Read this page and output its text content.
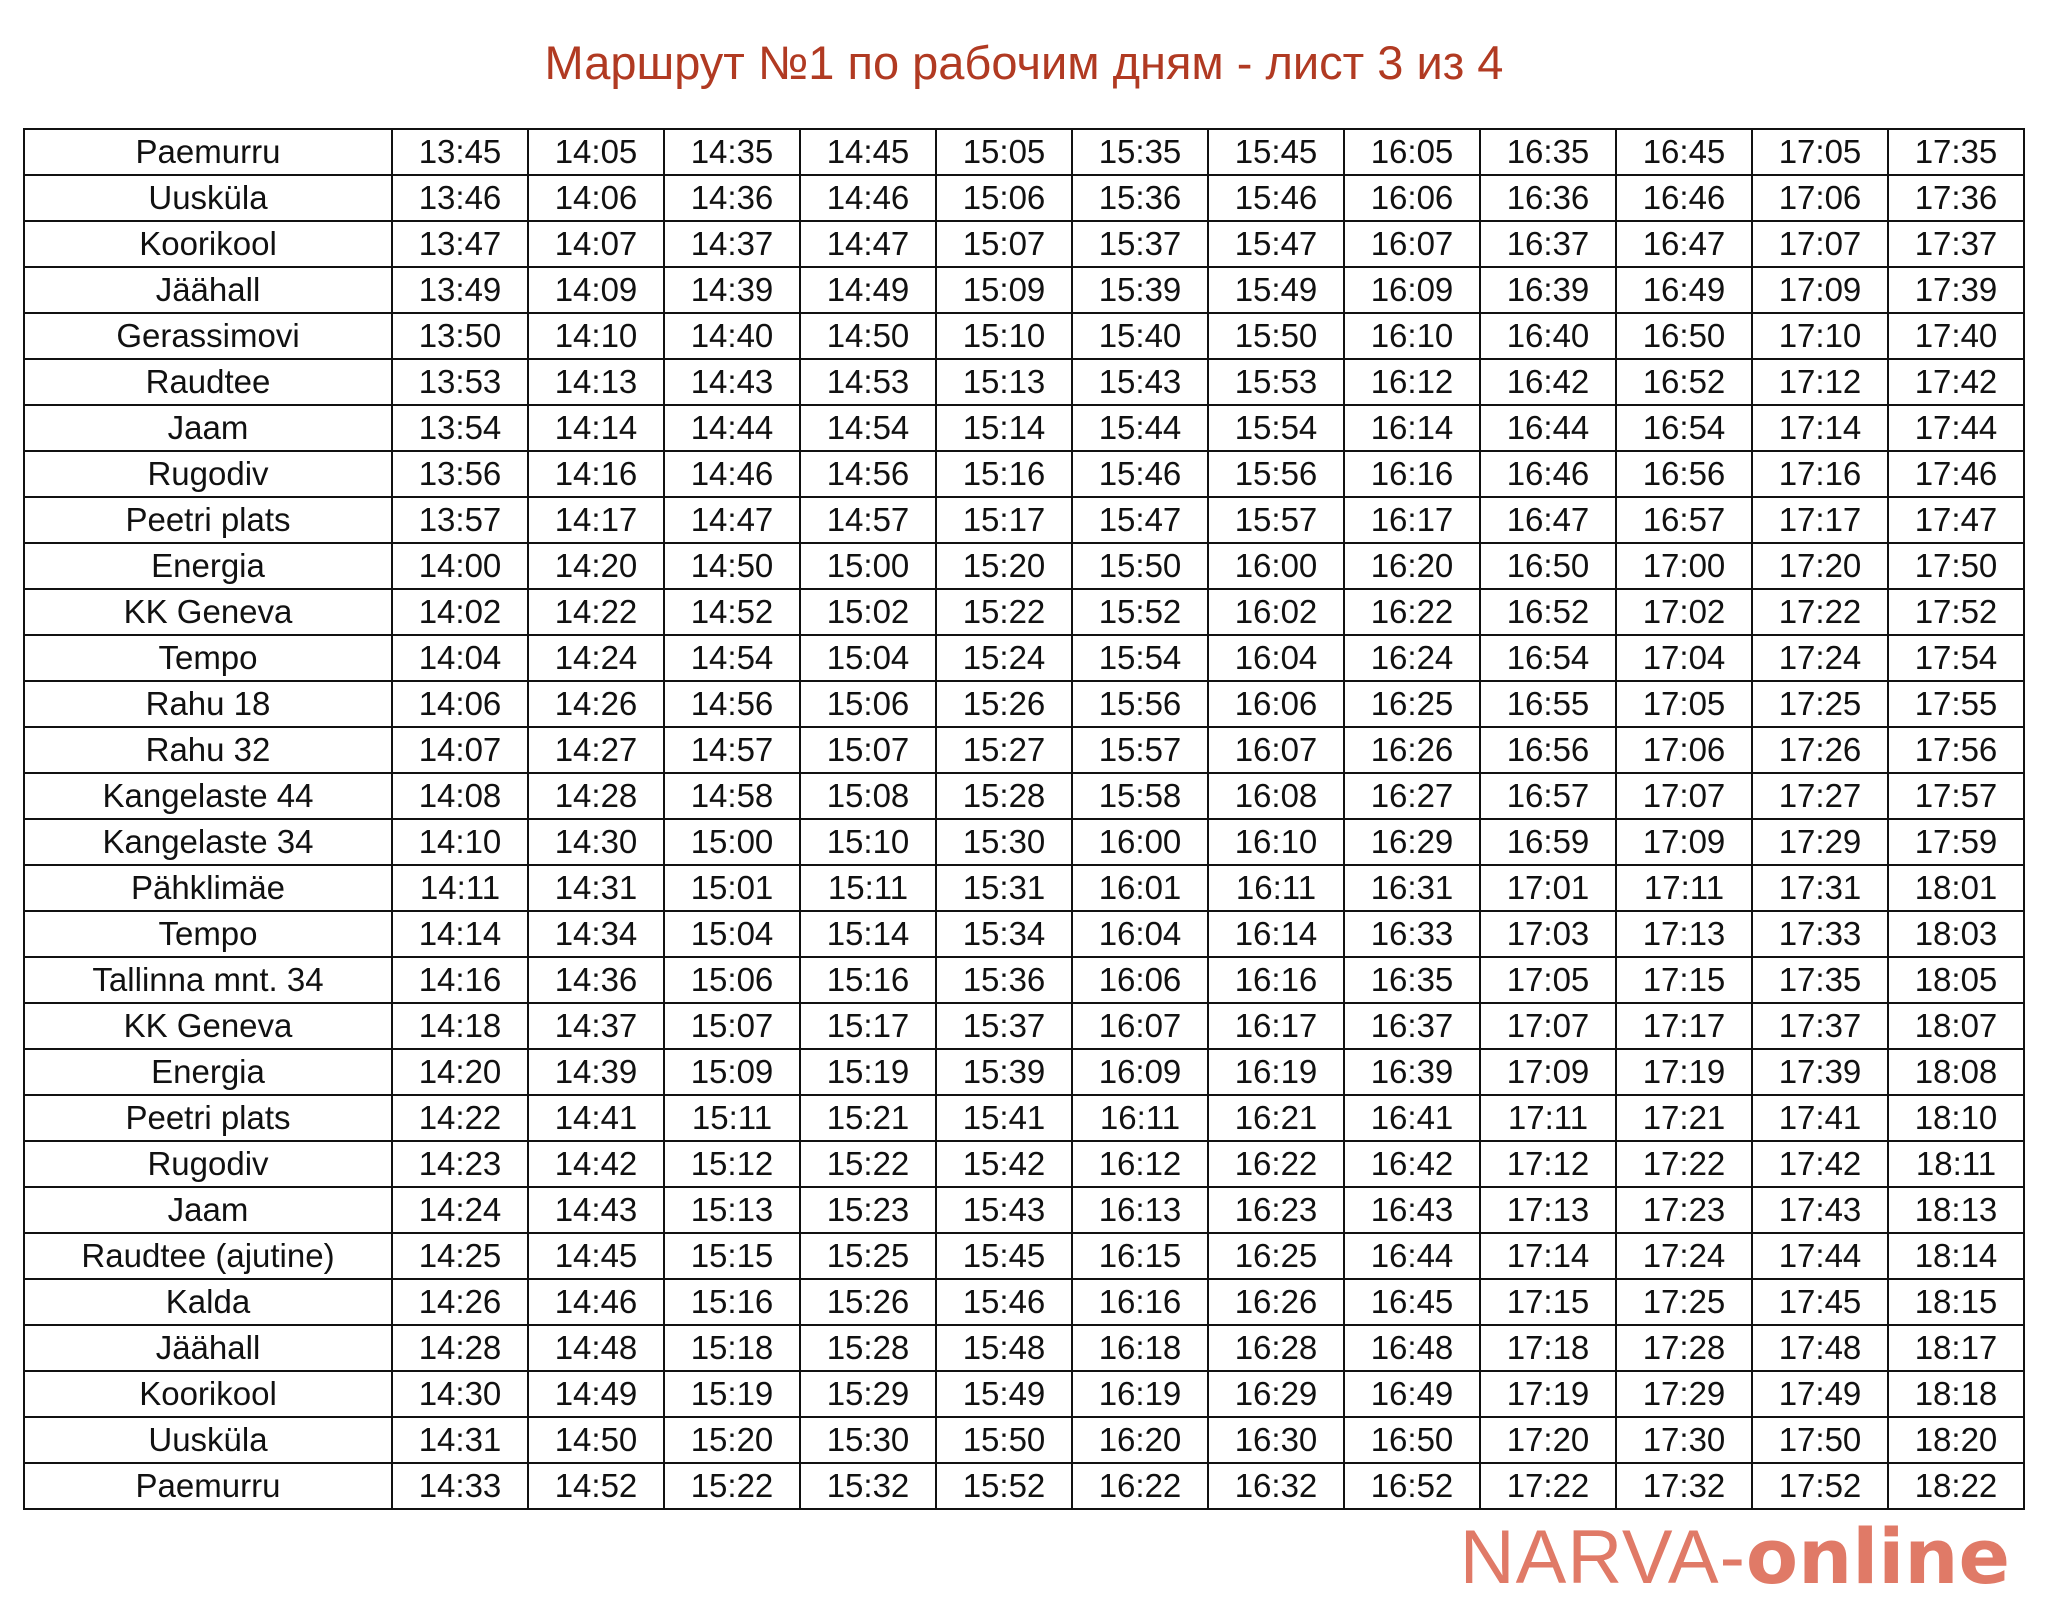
Маршрут №1 по рабочим дням - лист 3 из 4
Paemurru	13:45	14:05	14:35	14:45	15:05	15:35	15:45	16:05	16:35	16:45	17:05	17:35
Uusküla	13:46	14:06	14:36	14:46	15:06	15:36	15:46	16:06	16:36	16:46	17:06	17:36
Koorikool	13:47	14:07	14:37	14:47	15:07	15:37	15:47	16:07	16:37	16:47	17:07	17:37
Jäähall	13:49	14:09	14:39	14:49	15:09	15:39	15:49	16:09	16:39	16:49	17:09	17:39
Gerassimovi	13:50	14:10	14:40	14:50	15:10	15:40	15:50	16:10	16:40	16:50	17:10	17:40
Raudtee	13:53	14:13	14:43	14:53	15:13	15:43	15:53	16:12	16:42	16:52	17:12	17:42
Jaam	13:54	14:14	14:44	14:54	15:14	15:44	15:54	16:14	16:44	16:54	17:14	17:44
Rugodiv	13:56	14:16	14:46	14:56	15:16	15:46	15:56	16:16	16:46	16:56	17:16	17:46
Peetri plats	13:57	14:17	14:47	14:57	15:17	15:47	15:57	16:17	16:47	16:57	17:17	17:47
Energia	14:00	14:20	14:50	15:00	15:20	15:50	16:00	16:20	16:50	17:00	17:20	17:50
KK Geneva	14:02	14:22	14:52	15:02	15:22	15:52	16:02	16:22	16:52	17:02	17:22	17:52
Tempo	14:04	14:24	14:54	15:04	15:24	15:54	16:04	16:24	16:54	17:04	17:24	17:54
Rahu 18	14:06	14:26	14:56	15:06	15:26	15:56	16:06	16:25	16:55	17:05	17:25	17:55
Rahu 32	14:07	14:27	14:57	15:07	15:27	15:57	16:07	16:26	16:56	17:06	17:26	17:56
Kangelaste 44	14:08	14:28	14:58	15:08	15:28	15:58	16:08	16:27	16:57	17:07	17:27	17:57
Kangelaste 34	14:10	14:30	15:00	15:10	15:30	16:00	16:10	16:29	16:59	17:09	17:29	17:59
Pähklimäe	14:11	14:31	15:01	15:11	15:31	16:01	16:11	16:31	17:01	17:11	17:31	18:01
Tempo	14:14	14:34	15:04	15:14	15:34	16:04	16:14	16:33	17:03	17:13	17:33	18:03
Tallinna mnt. 34	14:16	14:36	15:06	15:16	15:36	16:06	16:16	16:35	17:05	17:15	17:35	18:05
KK Geneva	14:18	14:37	15:07	15:17	15:37	16:07	16:17	16:37	17:07	17:17	17:37	18:07
Energia	14:20	14:39	15:09	15:19	15:39	16:09	16:19	16:39	17:09	17:19	17:39	18:08
Peetri plats	14:22	14:41	15:11	15:21	15:41	16:11	16:21	16:41	17:11	17:21	17:41	18:10
Rugodiv	14:23	14:42	15:12	15:22	15:42	16:12	16:22	16:42	17:12	17:22	17:42	18:11
Jaam	14:24	14:43	15:13	15:23	15:43	16:13	16:23	16:43	17:13	17:23	17:43	18:13
Raudtee (ajutine)	14:25	14:45	15:15	15:25	15:45	16:15	16:25	16:44	17:14	17:24	17:44	18:14
Kalda	14:26	14:46	15:16	15:26	15:46	16:16	16:26	16:45	17:15	17:25	17:45	18:15
Jäähall	14:28	14:48	15:18	15:28	15:48	16:18	16:28	16:48	17:18	17:28	17:48	18:17
Koorikool	14:30	14:49	15:19	15:29	15:49	16:19	16:29	16:49	17:19	17:29	17:49	18:18
Uusküla	14:31	14:50	15:20	15:30	15:50	16:20	16:30	16:50	17:20	17:30	17:50	18:20
Paemurru	14:33	14:52	15:22	15:32	15:52	16:22	16:32	16:52	17:22	17:32	17:52	18:22
NARVA-online
